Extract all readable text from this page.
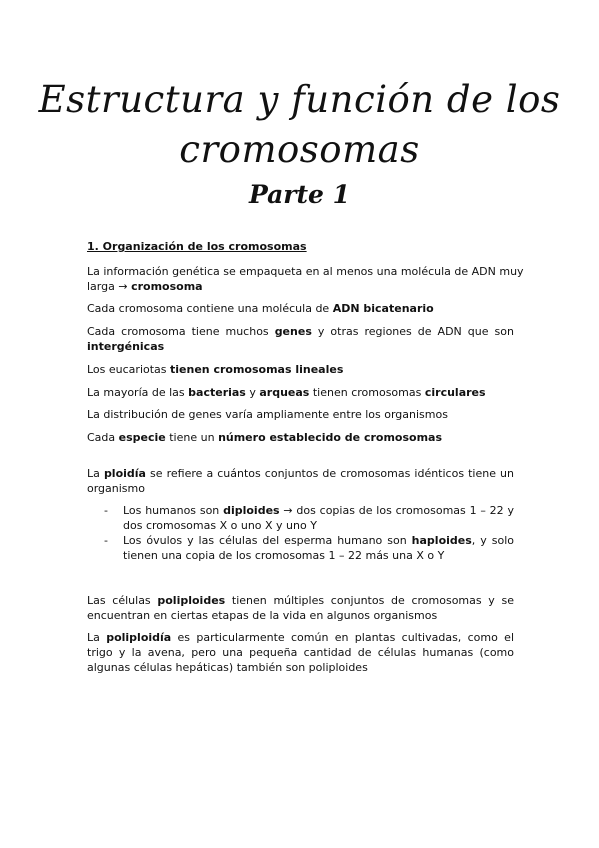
Estructura y función de los
cromosomas
Parte 1

1. Organización de los cromosomas

La información genética se empaqueta en al menos una molécula de ADN muy

larga → cromosoma

Cada cromosoma contiene una molécula de ADN bicatenario

Cada cromosoma tiene muchos genes y otras regiones de ADN que son intergénicas

Los eucariotas tienen cromosomas lineales

La mayoría de las bacterias y arqueas tienen cromosomas circulares

La distribución de genes varía ampliamente entre los organismos

Cada especie tiene un número establecido de cromosomas

La ploidía se refiere a cuántos conjuntos de cromosomas idénticos tiene un organismo

- Los humanos son diploides → dos copias de los cromosomas 1 – 22 y dos cromosomas X o uno X y uno Y

- Los óvulos y las células del esperma humano son haploides, y solo tienen una copia de los cromosomas 1 – 22 más una X o Y

Las células poliploides tienen múltiples conjuntos de cromosomas y se encuentran en ciertas etapas de la vida en algunos organismos

La poliploidía es particularmente común en plantas cultivadas, como el trigo y la avena, pero una pequeña cantidad de células humanas (como algunas células hepáticas) también son poliploides
